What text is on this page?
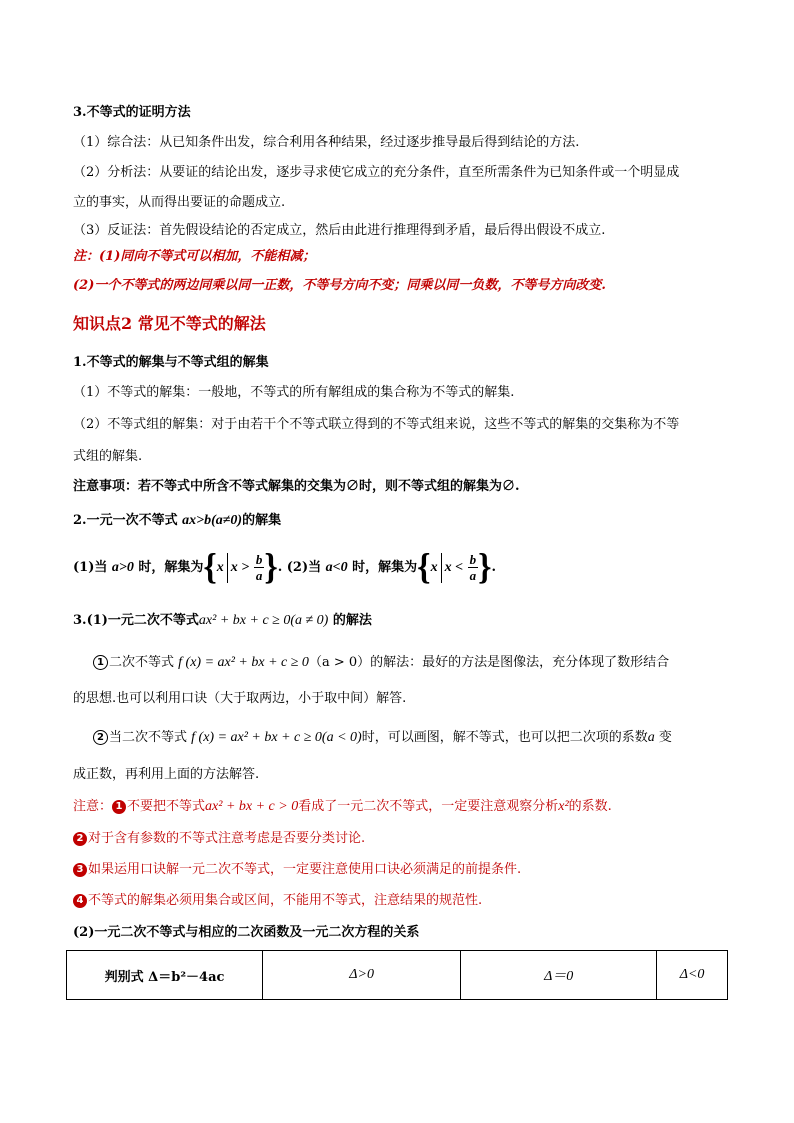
3.不等式的证明方法
（1）综合法：从已知条件出发，综合利用各种结果，经过逐步推导最后得到结论的方法.
（2）分析法：从要证的结论出发，逐步寻求使它成立的充分条件，直至所需条件为已知条件或一个明显成
立的事实，从而得出要证的命题成立.
（3）反证法：首先假设结论的否定成立，然后由此进行推理得到矛盾，最后得出假设不成立.
注：(1)同向不等式可以相加，不能相减；
(2)一个不等式的两边同乘以同一正数，不等号方向不变；同乘以同一负数，不等号方向改变.
知识点2 常见不等式的解法
1.不等式的解集与不等式组的解集
（1）不等式的解集：一般地，不等式的所有解组成的集合称为不等式的解集.
（2）不等式组的解集：对于由若干个不等式联立得到的不等式组来说，这些不等式的解集的交集称为不等
式组的解集.
注意事项：若不等式中所含不等式解集的交集为∅时，则不等式组的解集为∅.
2.一元一次不等式 ax>b(a≠0)的解集
(1)当 a>0 时，解集为{x $x > \frac{b}{a}$ }. (2)当 a<0 时，解集为{x $x < \frac{b}{a}$ }.
3.(1)一元二次不等式ax² + bx + c ≥ 0(a ≠ 0) 的解法
1 二次不等式 f (x) = ax² + bx + c ≥ 0（a > 0）的解法：最好的方法是图像法，充分体现了数形结合
的思想.也可以利用口诀（大于取两边，小于取中间）解答.
2 当二次不等式 f (x) = ax² + bx + c ≥ 0(a < 0)时，可以画图，解不等式，也可以把二次项的系数a 变
成正数，再利用上面的方法解答.
注意： 1 不要把不等式ax² + bx + c > 0看成了一元二次不等式，一定要注意观察分析x²的系数.
2 对于含有参数的不等式注意考虑是否要分类讨论.
3 如果运用口诀解一元二次不等式，一定要注意使用口诀必须满足的前提条件.
4 不等式的解集必须用集合或区间，不能用不等式，注意结果的规范性.
(2)一元二次不等式与相应的二次函数及一元二次方程的关系
判别式 Δ＝b²－4ac	Δ>0	Δ＝0	Δ<0
